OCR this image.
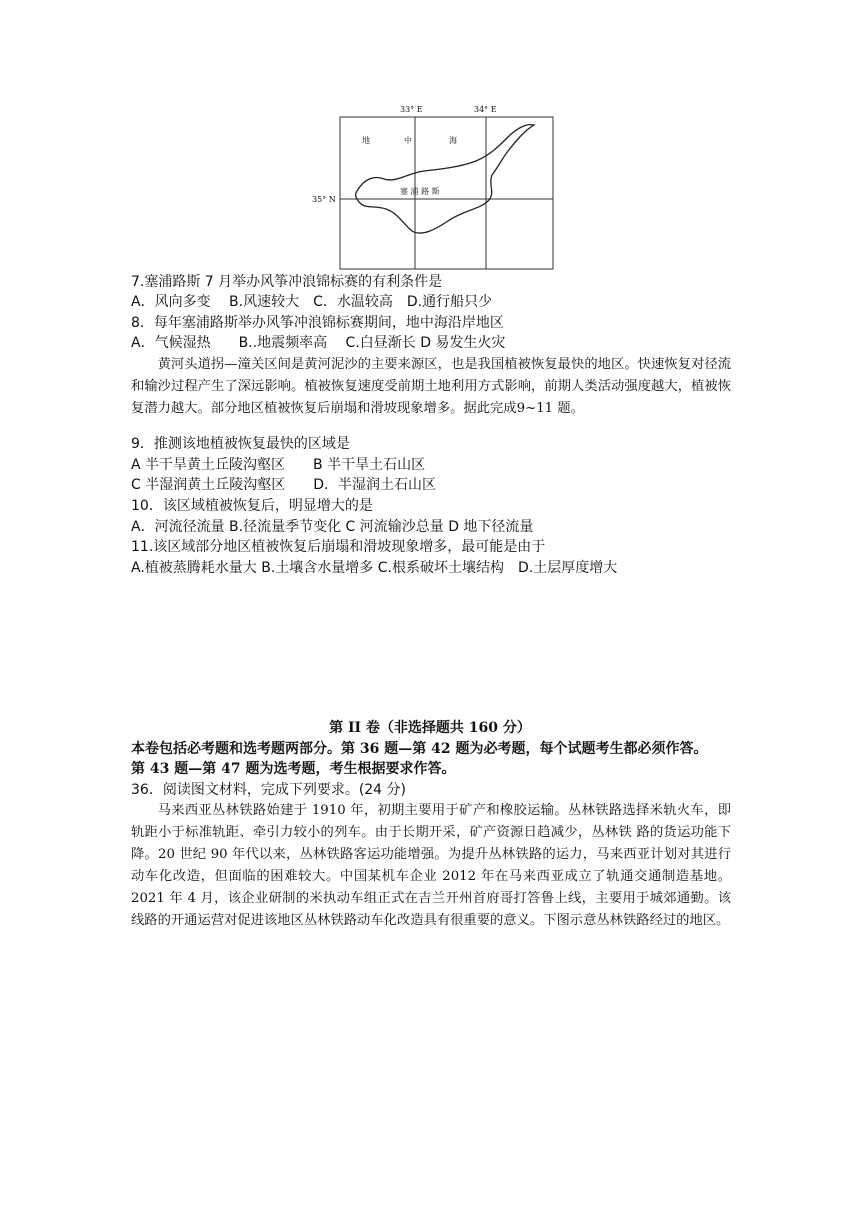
33° E	34° E
35° N
地	中	海
塞 浦 路 斯
7.塞浦路斯 7 月举办风筝冲浪锦标赛的有利条件是
A．风向多变　 B.风速较大　C．水温较高　D.通行船只少
8．每年塞浦路斯举办风筝冲浪锦标赛期间，地中海沿岸地区
A．气候湿热　　B..地震频率高　 C.白昼渐长 D 易发生火灾
黄河头道拐—潼关区间是黄河泥沙的主要来源区，也是我国植被恢复最快的地区。快速恢复对径流和输沙过程产生了深远影响。植被恢复速度受前期土地利用方式影响，前期人类活动强度越大，植被恢复潜力越大。部分地区植被恢复后崩塌和滑坡现象增多。据此完成9~11 题。
9．推测该地植被恢复最快的区域是
A 半干旱黄土丘陵沟壑区　　B 半干旱土石山区
C 半湿润黄土丘陵沟壑区　　D．半湿润土石山区
10．该区域植被恢复后，明显增大的是
A．河流径流量 B.径流量季节变化 C 河流输沙总量 D 地下径流量
11.该区域部分地区植被恢复后崩塌和滑坡现象增多，最可能是由于
A.植被蒸腾耗水量大 B.土壤含水量增多 C.根系破坏土壤结构　D.土层厚度增大
第 II 卷（非选择题共 160 分）
本卷包括必考题和选考题两部分。第 36 题—第 42 题为必考题，每个试题考生都必须作答。
第 43 题—第 47 题为选考题，考生根据要求作答。
36．阅读图文材料，完成下列要求。(24 分)
马来西亚丛林铁路始建于 1910 年，初期主要用于矿产和橡胶运输。丛林铁路选择米轨火车，即轨距小于标准轨距、牵引力较小的列车。由于长期开采，矿产资源日趋减少，丛林铁 路的货运功能下降。20 世纪 90 年代以来，丛林铁路客运功能增强。为提升丛林铁路的运力，马来西亚计划对其进行动车化改造，但面临的困难较大。中国某机车企业 2012 年在马来西亚成立了轨通交通制造基地。2021 年 4 月，该企业研制的米执动车组正式在吉兰开州首府哥打答鲁上线，主要用于城郊通勤。该线路的开通运营对促进该地区丛林铁路动车化改造具有很重要的意义。下图示意丛林铁路经过的地区。
